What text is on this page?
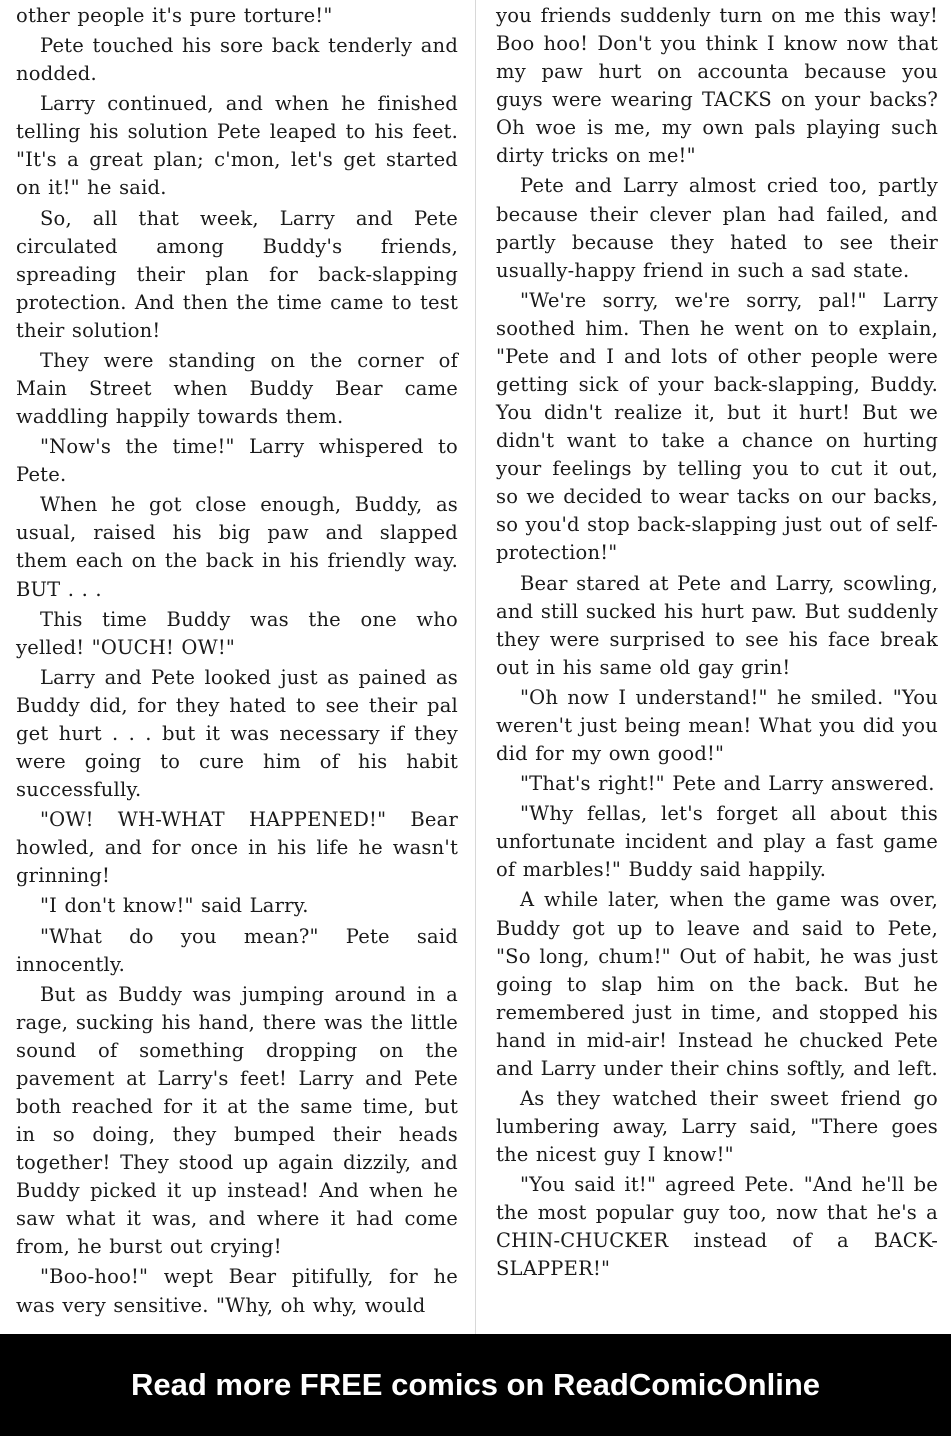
other people it's pure torture!"

Pete touched his sore back tenderly and nodded.

Larry continued, and when he finished telling his solution Pete leaped to his feet. "It's a great plan; c'mon, let's get started on it!" he said.

So, all that week, Larry and Pete circulated among Buddy's friends, spreading their plan for back-slapping protection. And then the time came to test their solution!

They were standing on the corner of Main Street when Buddy Bear came waddling happily towards them.

"Now's the time!" Larry whispered to Pete.

When he got close enough, Buddy, as usual, raised his big paw and slapped them each on the back in his friendly way. BUT . . .

This time Buddy was the one who yelled! "OUCH! OW!"

Larry and Pete looked just as pained as Buddy did, for they hated to see their pal get hurt . . . but it was necessary if they were going to cure him of his habit successfully.

"OW! WH-WHAT HAPPENED!" Bear howled, and for once in his life he wasn't grinning!

"I don't know!" said Larry.

"What do you mean?" Pete said innocently.

But as Buddy was jumping around in a rage, sucking his hand, there was the little sound of something dropping on the pavement at Larry's feet! Larry and Pete both reached for it at the same time, but in so doing, they bumped their heads together! They stood up again dizzily, and Buddy picked it up instead! And when he saw what it was, and where it had come from, he burst out crying!

"Boo-hoo!" wept Bear pitifully, for he was very sensitive. "Why, oh why, would

you friends suddenly turn on me this way! Boo hoo! Don't you think I know now that my paw hurt on accounta because you guys were wearing TACKS on your backs? Oh woe is me, my own pals playing such dirty tricks on me!"

Pete and Larry almost cried too, partly because their clever plan had failed, and partly because they hated to see their usually-happy friend in such a sad state.

"We're sorry, we're sorry, pal!" Larry soothed him. Then he went on to explain, "Pete and I and lots of other people were getting sick of your back-slapping, Buddy. You didn't realize it, but it hurt! But we didn't want to take a chance on hurting your feelings by telling you to cut it out, so we decided to wear tacks on our backs, so you'd stop back-slapping just out of self-protection!"

Bear stared at Pete and Larry, scowling, and still sucked his hurt paw. But suddenly they were surprised to see his face break out in his same old gay grin!

"Oh now I understand!" he smiled. "You weren't just being mean! What you did you did for my own good!"

"That's right!" Pete and Larry answered.

"Why fellas, let's forget all about this unfortunate incident and play a fast game of marbles!" Buddy said happily.

A while later, when the game was over, Buddy got up to leave and said to Pete, "So long, chum!" Out of habit, he was just going to slap him on the back. But he remembered just in time, and stopped his hand in mid-air! Instead he chucked Pete and Larry under their chins softly, and left.

As they watched their sweet friend go lumbering away, Larry said, "There goes the nicest guy I know!"

"You said it!" agreed Pete. "And he'll be the most popular guy too, now that he's a CHIN-CHUCKER instead of a BACK-SLAPPER!"

Read more FREE comics on ReadComicOnline
